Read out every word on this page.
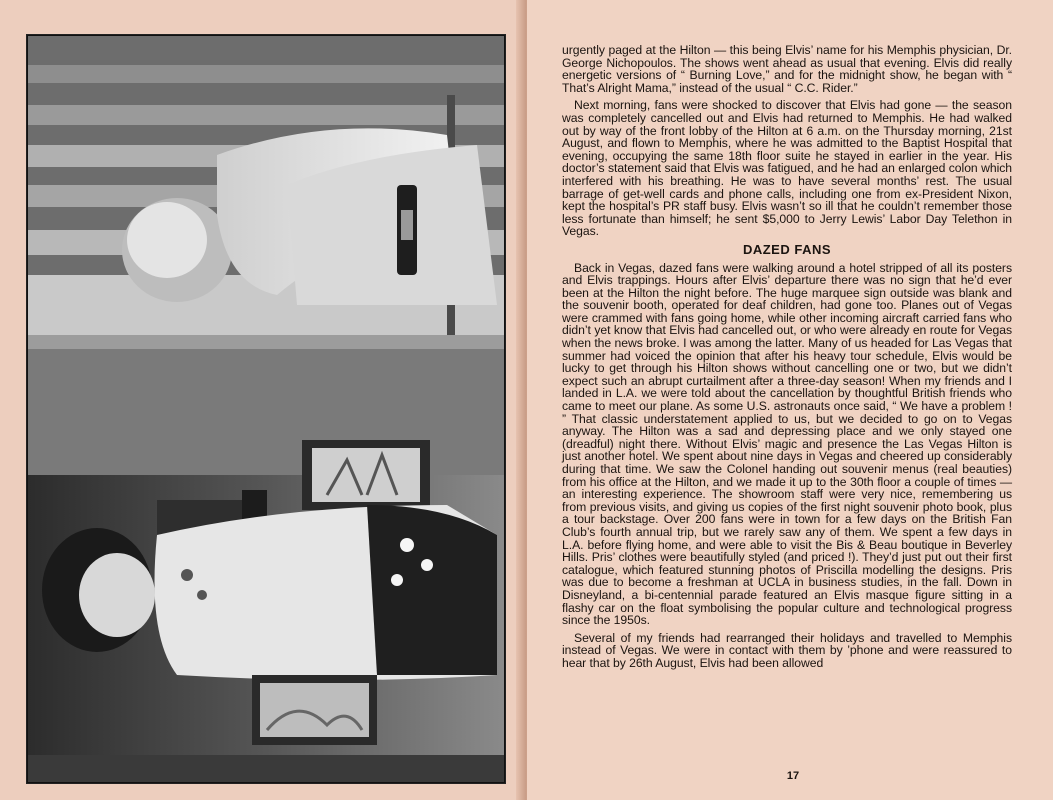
urgently paged at the Hilton — this being Elvis’ name for his Memphis physician, Dr. George Nichopoulos. The shows went ahead as usual that evening. Elvis did really energetic versions of “ Burning Love,” and for the midnight show, he began with “ That’s Alright Mama,” instead of the usual “ C.C. Rider.”

Next morning, fans were shocked to discover that Elvis had gone — the season was completely cancelled out and Elvis had returned to Memphis. He had walked out by way of the front lobby of the Hilton at 6 a.m. on the Thursday morning, 21st August, and flown to Memphis, where he was admitted to the Baptist Hospital that evening, occupying the same 18th floor suite he stayed in earlier in the year. His doctor’s statement said that Elvis was fatigued, and he had an enlarged colon which interfered with his breathing. He was to have several months’ rest. The usual barrage of get-well cards and phone calls, including one from ex-President Nixon, kept the hospital’s PR staff busy. Elvis wasn’t so ill that he couldn’t remember those less fortunate than himself; he sent $5,000 to Jerry Lewis’ Labor Day Telethon in Vegas.

DAZED FANS

Back in Vegas, dazed fans were walking around a hotel stripped of all its posters and Elvis trappings. Hours after Elvis’ departure there was no sign that he’d ever been at the Hilton the night before. The huge marquee sign outside was blank and the souvenir booth, operated for deaf children, had gone too. Planes out of Vegas were crammed with fans going home, while other incoming aircraft carried fans who didn’t yet know that Elvis had cancelled out, or who were already en route for Vegas when the news broke. I was among the latter. Many of us headed for Las Vegas that summer had voiced the opinion that after his heavy tour schedule, Elvis would be lucky to get through his Hilton shows without cancelling one or two, but we didn’t expect such an abrupt curtailment after a three-day season! When my friends and I landed in L.A. we were told about the cancellation by thoughtful British friends who came to meet our plane. As some U.S. astronauts once said, “ We have a problem ! ” That classic understatement applied to us, but we decided to go on to Vegas anyway. The Hilton was a sad and depressing place and we only stayed one (dreadful) night there. Without Elvis’ magic and presence the Las Vegas Hilton is just another hotel. We spent about nine days in Vegas and cheered up considerably during that time. We saw the Colonel handing out souvenir menus (real beauties) from his office at the Hilton, and we made it up to the 30th floor a couple of times — an interesting experience. The showroom staff were very nice, remembering us from previous visits, and giving us copies of the first night souvenir photo book, plus a tour backstage. Over 200 fans were in town for a few days on the British Fan Club’s fourth annual trip, but we rarely saw any of them. We spent a few days in L.A. before flying home, and were able to visit the Bis & Beau boutique in Beverley Hills. Pris’ clothes were beautifully styled (and priced !). They’d just put out their first catalogue, which featured stunning photos of Priscilla modelling the designs. Pris was due to become a freshman at UCLA in business studies, in the fall. Down in Disneyland, a bi-centennial parade featured an Elvis masque figure sitting in a flashy car on the float symbolising the popular culture and technological progress since the 1950s.

Several of my friends had rearranged their holidays and travelled to Memphis instead of Vegas. We were in contact with them by ’phone and were reassured to hear that by 26th August, Elvis had been allowed

17
